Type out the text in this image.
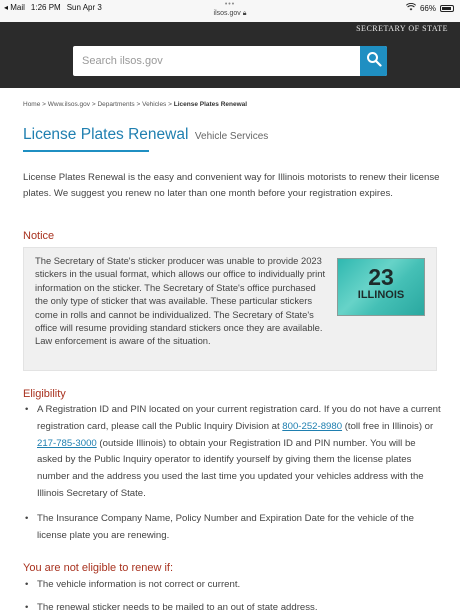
•••
◂ Mail 1:26 PM Sun Apr 3
ilsos.gov 🔒︎
66%
SECRETARY OF STATE
Search ilsos.gov
Home > Www.ilsos.gov > Departments > Vehicles > License Plates Renewal
License Plates Renewal Vehicle Services

License Plates Renewal is the easy and convenient way for Illinois motorists to renew their license plates. We suggest you renew no later than one month before your registration expires.

Notice

The Secretary of State's sticker producer was unable to provide 2023 stickers in the usual format, which allows our office to individually print information on the sticker. The Secretary of State's office purchased the only type of sticker that was available. These particular stickers come in rolls and cannot be individualized. The Secretary of State's office will resume providing standard stickers once they are available. Law enforcement is aware of the situation.

23
ILLINOIS
Eligibility
• A Registration ID and PIN located on your current registration card. If you do not have a current registration card, please call the Public Inquiry Division at 800-252-8980 (toll free in Illinois) or 217-785-3000 (outside Illinois) to obtain your Registration ID and PIN number. You will be asked by the Public Inquiry operator to identify yourself by giving them the license plates number and the address you used the last time you updated your vehicles address with the Illinois Secretary of State.
• The Insurance Company Name, Policy Number and Expiration Date for the vehicle of the license plate you are renewing.
You are not eligible to renew if:
• The vehicle information is not correct or current.
• The renewal sticker needs to be mailed to an out of state address.
